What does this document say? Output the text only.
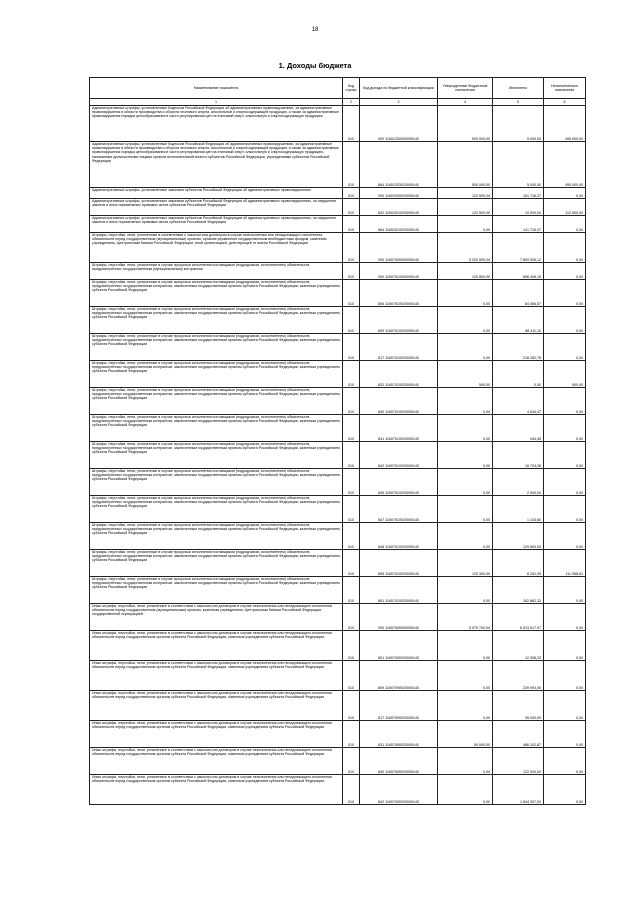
18
1. Доходы бюджета
Наименование показателя	Код строки	Код дохода по бюджетной классификации	Утвержденные бюджетные назначения	Исполнено	Неисполненные назначения
1	2	3	4	5	6
Административные штрафы, установленные Кодексом Российской Федерации об административных правонарушениях, за административные правонарушения в области производства и оборота этилового спирта, алкогольной и спиртосодержащей продукции, а также за административные правонарушения порядка ценообразования в части регулирования цен на этиловый спирт, алкогольную и спиртосодержащую продукцию	010	000 11601330000000140	500 000,00	5 000,00	495 000,00
Административные штрафы, установленные Кодексом Российской Федерации об административных правонарушениях, за административные правонарушения в области производства и оборота этилового спирта, алкогольной и спиртосодержащей продукции, а также за административные правонарушения порядка ценообразования в части регулирования цен на этиловый спирт, алкогольную и спиртосодержащую продукцию, налагаемые должностными лицами органов исполнительной власти субъектов Российской Федерации, учреждениями субъектов Российской Федерации	010	864 11601333010000140	500 000,00	5 000,00	495 000,00
Административные штрафы, установленные законами субъектов Российской Федерации об административных правонарушениях	010	000 11602000020000140	122 500,00	151 716,37	0,00
Административные штрафы, установленные законами субъектов Российской Федерации об административных правонарушениях, за нарушение законов и иных нормативных правовых актов субъектов Российской Федерации	010	842 11602010020000140	122 500,00	10 000,00	112 500,00
Административные штрафы, установленные законами субъектов Российской Федерации об административных правонарушениях, за нарушение законов и иных нормативных правовых актов субъектов Российской Федерации	010	864 11602010020000140	0,00	141 716,37	0,00
Штрафы, неустойки, пени, уплаченные в соответствии с законом или договором в случае неисполнения или ненадлежащего исполнения обязательств перед государственным (муниципальным) органом, органом управления государственным внебюджетным фондом, казенным учреждением, Центральным банком Российской Федерации, иной организацией, действующей от имени Российской Федерации	010	000 11607000000000140	5 200 500,00	7 809 926,12	0,00
Штрафы, неустойки, пени, уплаченные в случае просрочки исполнения поставщиком (подрядчиком, исполнителем) обязательств, предусмотренных государственным (муниципальным) контрактом	010	000 11607010000000140	120 800,00	896 408,15	0,00
Штрафы, неустойки, пени, уплаченные в случае просрочки исполнения поставщиком (подрядчиком, исполнителем) обязательств, предусмотренных государственным контрактом, заключенным государственным органом субъекта Российской Федерации, казенным учреждением субъекта Российской Федерации	010	806 11607010020000140	0,00	84 066,57	0,00
Штрафы, неустойки, пени, уплаченные в случае просрочки исполнения поставщиком (подрядчиком, исполнителем) обязательств, предусмотренных государственным контрактом, заключенным государственным органом субъекта Российской Федерации, казенным учреждением субъекта Российской Федерации	010	809 11607010020000140	0,00	88 411,10	0,00
Штрафы, неустойки, пени, уплаченные в случае просрочки исполнения поставщиком (подрядчиком, исполнителем) обязательств, предусмотренных государственным контрактом, заключенным государственным органом субъекта Российской Федерации, казенным учреждением субъекта Российской Федерации	010	817 11607010020000140	0,00	218 282,78	0,00
Штрафы, неустойки, пени, уплаченные в случае просрочки исполнения поставщиком (подрядчиком, исполнителем) обязательств, предусмотренных государственным контрактом, заключенным государственным органом субъекта Российской Федерации, казенным учреждением субъекта Российской Федерации	010	832 11607010020000140	500,00	0,00	500,00
Штрафы, неустойки, пени, уплаченные в случае просрочки исполнения поставщиком (подрядчиком, исполнителем) обязательств, предусмотренных государственным контрактом, заключенным государственным органом субъекта Российской Федерации, казенным учреждением субъекта Российской Федерации	010	840 11607010020000140	0,00	4 616,47	0,00
Штрафы, неустойки, пени, уплаченные в случае просрочки исполнения поставщиком (подрядчиком, исполнителем) обязательств, предусмотренных государственным контрактом, заключенным государственным органом субъекта Российской Федерации, казенным учреждением субъекта Российской Федерации	010	841 11607010020000140	0,00	444,45	0,00
Штрафы, неустойки, пени, уплаченные в случае просрочки исполнения поставщиком (подрядчиком, исполнителем) обязательств, предусмотренных государственным контрактом, заключенным государственным органом субъекта Российской Федерации, казенным учреждением субъекта Российской Федерации	010	842 11607010020000140	0,00	16 724,28	0,00
Штрафы, неустойки, пени, уплаченные в случае просрочки исполнения поставщиком (подрядчиком, исполнителем) обязательств, предусмотренных государственным контрактом, заключенным государственным органом субъекта Российской Федерации, казенным учреждением субъекта Российской Федерации	010	845 11607010020000140	0,00	2 000,00	0,00
Штрафы, неустойки, пени, уплаченные в случае просрочки исполнения поставщиком (подрядчиком, исполнителем) обязательств, предусмотренных государственным контрактом, заключенным государственным органом субъекта Российской Федерации, казенным учреждением субъекта Российской Федерации	010	847 11607010020000140	0,00	1 143,60	0,00
Штрафы, неустойки, пени, уплаченные в случае просрочки исполнения поставщиком (подрядчиком, исполнителем) обязательств, предусмотренных государственным контрактом, заключенным государственным органом субъекта Российской Федерации, казенным учреждением субъекта Российской Федерации	010	848 11607010020000140	0,00	129 500,00	0,00
Штрафы, неустойки, пени, уплаченные в случае просрочки исполнения поставщиком (подрядчиком, исполнителем) обязательств, предусмотренных государственным контрактом, заключенным государственным органом субъекта Российской Федерации, казенным учреждением субъекта Российской Федерации	010	855 11607010020000140	120 300,00	8 341,39	111 958,61
Штрафы, неустойки, пени, уплаченные в случае просрочки исполнения поставщиком (подрядчиком, исполнителем) обязательств, предусмотренных государственным контрактом, заключенным государственным органом субъекта Российской Федерации, казенным учреждением субъекта Российской Федерации	010	861 11607010020000140	0,00	342 862,33	0,00
Иные штрафы, неустойки, пени, уплаченные в соответствии с законом или договором в случае неисполнения или ненадлежащего исполнения обязательств перед государственным (муниципальным) органом, казенным учреждением, Центральным банком Российской Федерации, государственной корпорацией	010	000 11607090000000140	5 079 700,00	6 913 517,97	0,00
Иные штрафы, неустойки, пени, уплаченные в соответствии с законом или договором в случае неисполнения или ненадлежащего исполнения обязательств перед государственным органом субъекта Российской Федерации, казенным учреждением субъекта Российской Федерации	010	801 11607090020000140	0,00	12 308,23	0,00
Иные штрафы, неустойки, пени, уплаченные в соответствии с законом или договором в случае неисполнения или ненадлежащего исполнения обязательств перед государственным органом субъекта Российской Федерации, казенным учреждением субъекта Российской Федерации	010	809 11607090020000140	0,00	239 994,00	0,00
Иные штрафы, неустойки, пени, уплаченные в соответствии с законом или договором в случае неисполнения или ненадлежащего исполнения обязательств перед государственным органом субъекта Российской Федерации, казенным учреждением субъекта Российской Федерации	010	817 11607090020000140	0,00	35 000,00	0,00
Иные штрафы, неустойки, пени, уплаченные в соответствии с законом или договором в случае неисполнения или ненадлежащего исполнения обязательств перед государственным органом субъекта Российской Федерации, казенным учреждением субъекта Российской Федерации	010	831 11607090020000140	50 000,00	486 102,87	0,00
Иные штрафы, неустойки, пени, уплаченные в соответствии с законом или договором в случае неисполнения или ненадлежащего исполнения обязательств перед государственным органом субъекта Российской Федерации, казенным учреждением субъекта Российской Федерации	010	840 11607090020000140	0,00	122 000,00	0,00
Иные штрафы, неустойки, пени, уплаченные в соответствии с законом или договором в случае неисполнения или ненадлежащего исполнения обязательств перед государственным органом субъекта Российской Федерации, казенным учреждением субъекта Российской Федерации	010	842 11607090020000140	0,00	1 844 307,53	0,00
